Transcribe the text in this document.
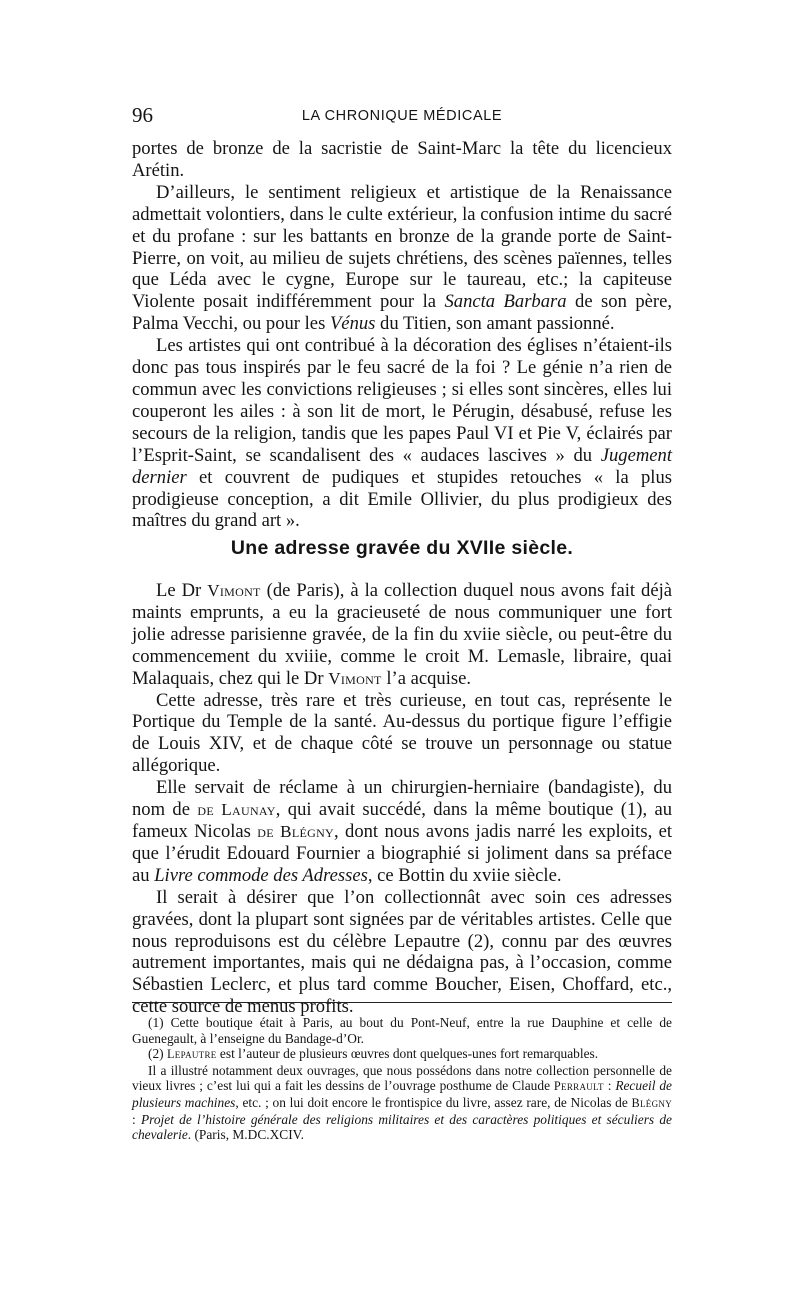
96	LA CHRONIQUE MÉDICALE

portes de bronze de la sacristie de Saint-Marc la tête du licencieux Arétin.

D’ailleurs, le sentiment religieux et artistique de la Renaissance admettait volontiers, dans le culte extérieur, la confusion intime du sacré et du profane : sur les battants en bronze de la grande porte de Saint-Pierre, on voit, au milieu de sujets chrétiens, des scènes païennes, telles que Léda avec le cygne, Europe sur le taureau, etc.; la capiteuse Violente posait indifféremment pour la Sancta Barbara de son père, Palma Vecchi, ou pour les Vénus du Titien, son amant passionné.

Les artistes qui ont contribué à la décoration des églises n’étaient-ils donc pas tous inspirés par le feu sacré de la foi ? Le génie n’a rien de commun avec les convictions religieuses ; si elles sont sincères, elles lui couperont les ailes : à son lit de mort, le Pérugin, désabusé, refuse les secours de la religion, tandis que les papes Paul VI et Pie V, éclairés par l’Esprit-Saint, se scandalisent des « audaces lascives » du Jugement dernier et couvrent de pudiques et stupides retouches « la plus prodigieuse conception, a dit Emile Ollivier, du plus prodigieux des maîtres du grand art ».

Une adresse gravée du XVIIe siècle.

Le Dr Vimont (de Paris), à la collection duquel nous avons fait déjà maints emprunts, a eu la gracieuseté de nous communiquer une fort jolie adresse parisienne gravée, de la fin du xviie siècle, ou peut-être du commencement du xviiie, comme le croit M. Lemasle, libraire, quai Malaquais, chez qui le Dr Vimont l’a acquise.

Cette adresse, très rare et très curieuse, en tout cas, représente le Portique du Temple de la santé. Au-dessus du portique figure l’effigie de Louis XIV, et de chaque côté se trouve un personnage ou statue allégorique.

Elle servait de réclame à un chirurgien-herniaire (bandagiste), du nom de de Launay, qui avait succédé, dans la même boutique (1), au fameux Nicolas de Blégny, dont nous avons jadis narré les exploits, et que l’érudit Edouard Fournier a biographié si joliment dans sa préface au Livre commode des Adresses, ce Bottin du xviie siècle.

Il serait à désirer que l’on collectionnât avec soin ces adresses gravées, dont la plupart sont signées par de véritables artistes. Celle que nous reproduisons est du célèbre Lepautre (2), connu par des œuvres autrement importantes, mais qui ne dédaigna pas, à l’occasion, comme Sébastien Leclerc, et plus tard comme Boucher, Eisen, Choffard, etc., cette source de menus profits.

(1) Cette boutique était à Paris, au bout du Pont-Neuf, entre la rue Dauphine et celle de Guenegault, à l’enseigne du Bandage-d’Or.

(2) Lepautre est l’auteur de plusieurs œuvres dont quelques-unes fort remarquables.

Il a illustré notamment deux ouvrages, que nous possédons dans notre collection personnelle de vieux livres ; c’est lui qui a fait les dessins de l’ouvrage posthume de Claude Perrault : Recueil de plusieurs machines, etc. ; on lui doit encore le frontispice du livre, assez rare, de Nicolas de Blégny : Projet de l’histoire générale des religions militaires et des caractères politiques et séculiers de chevalerie. (Paris, M.DC.XCIV.
